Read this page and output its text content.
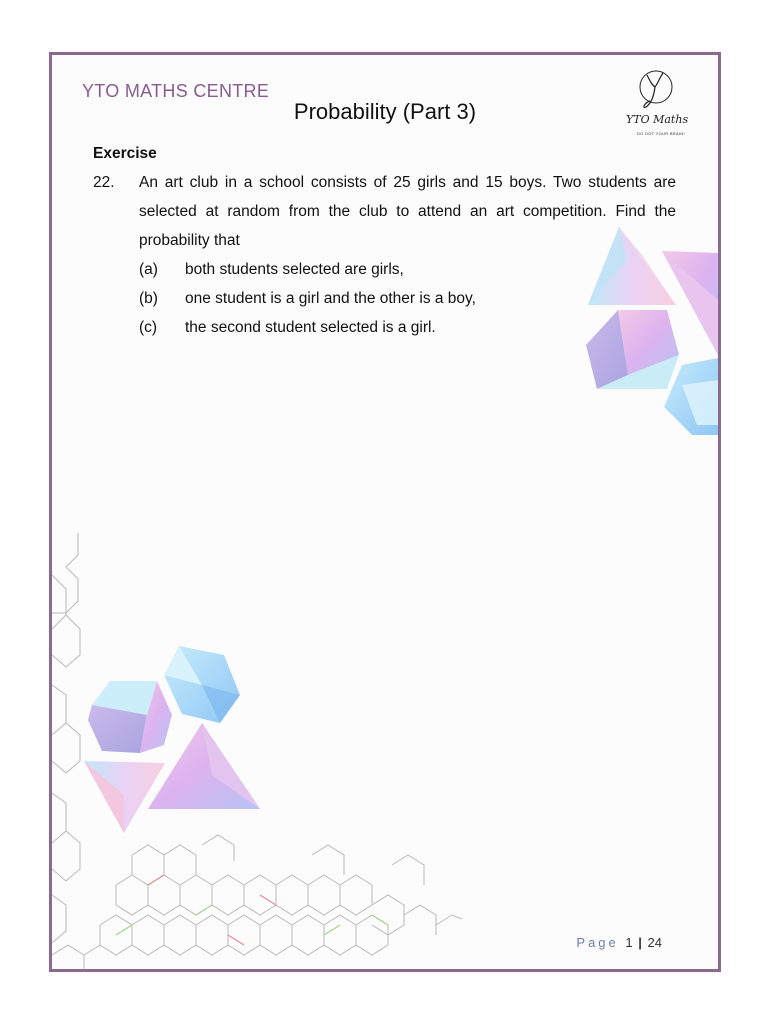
YTO MATHS CENTRE
Probability (Part 3)	YTO Maths
DO DOT YOUR BRAIN!

Exercise

22. An art club in a school consists of 25 girls and 15 boys. Two students are selected at random from the club to attend an art competition. Find the probability that
(a) both students selected are girls,
(b) one student is a girl and the other is a boy,
(c) the second student selected is a girl.
Page 1 | 24
